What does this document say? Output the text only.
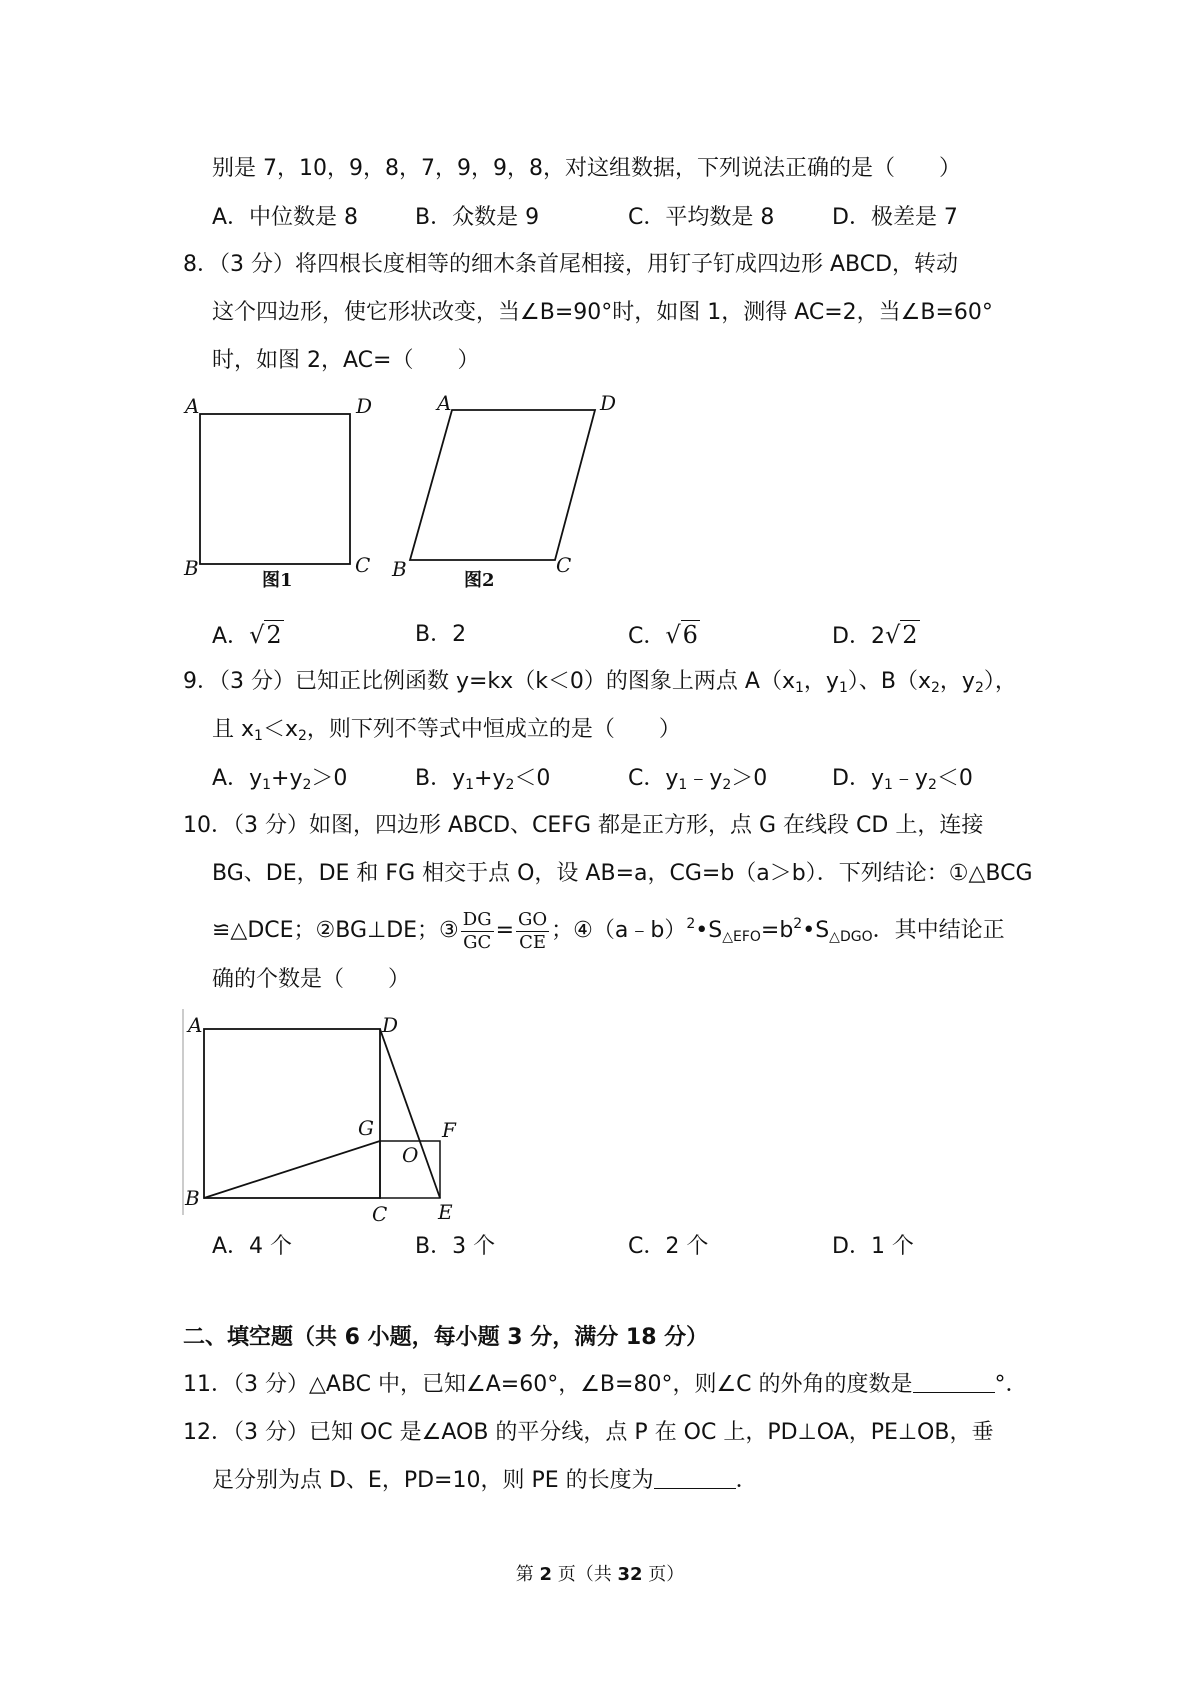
别是 7，10，9，8，7，9，9，8，对这组数据，下列说法正确的是（　　）
A．中位数是 8	B．众数是 9	C．平均数是 8	D．极差是 7
8．（3 分）将四根长度相等的细木条首尾相接，用钉子钉成四边形 ABCD，转动
这个四边形，使它形状改变，当∠B=90°时，如图 1，测得 AC=2，当∠B=60°
时，如图 2，AC=（　　）
A	D
B	C
图1
A	D
B	C
图2
A．√2	B．2	C．√6	D．2√2
9．（3 分）已知正比例函数 y=kx（k＜0）的图象上两点 $A(x_1$，$y_1$）、$B(x_2$，$y_2$），
且 $x_1<x_2$，则下列不等式中恒成立的是（　　）
A．$y_1+y_2>0$	B．$y_1+y_2<0$	C．$y_1﹣y_2>0$	D．$y_1﹣y_2<0$
10．（3 分）如图，四边形 ABCD、CEFG 都是正方形，点 G 在线段 CD 上，连接
BG、DE，DE 和 FG 相交于点 O，设 AB=a，CG=b（a＞b）．下列结论：①△BCG
≌△DCE；②BG⊥DE；③ $\frac{DG}{GC} = \frac{GO}{CE}$ ；$④(a﹣b)^2•S_{\triangle EFO}=b^2•S_{\triangle DGO}$．其中结论正
确的个数是（　　）
A	D
G	F
O
B
C	E
A．4 个	B．3 个	C．2 个	D．1 个
二、填空题（共 6 小题，每小题 3 分，满分 18 分）
11．（3 分）△ABC 中，已知∠A=60°，∠B=80°，则∠C 的外角的度数是	°．
12．（3 分）已知 OC 是∠AOB 的平分线，点 P 在 OC 上，PD⊥OA，PE⊥OB，垂
足分别为点 D、E，PD=10，则 PE 的长度为	．
第 2 页（共 32 页）
